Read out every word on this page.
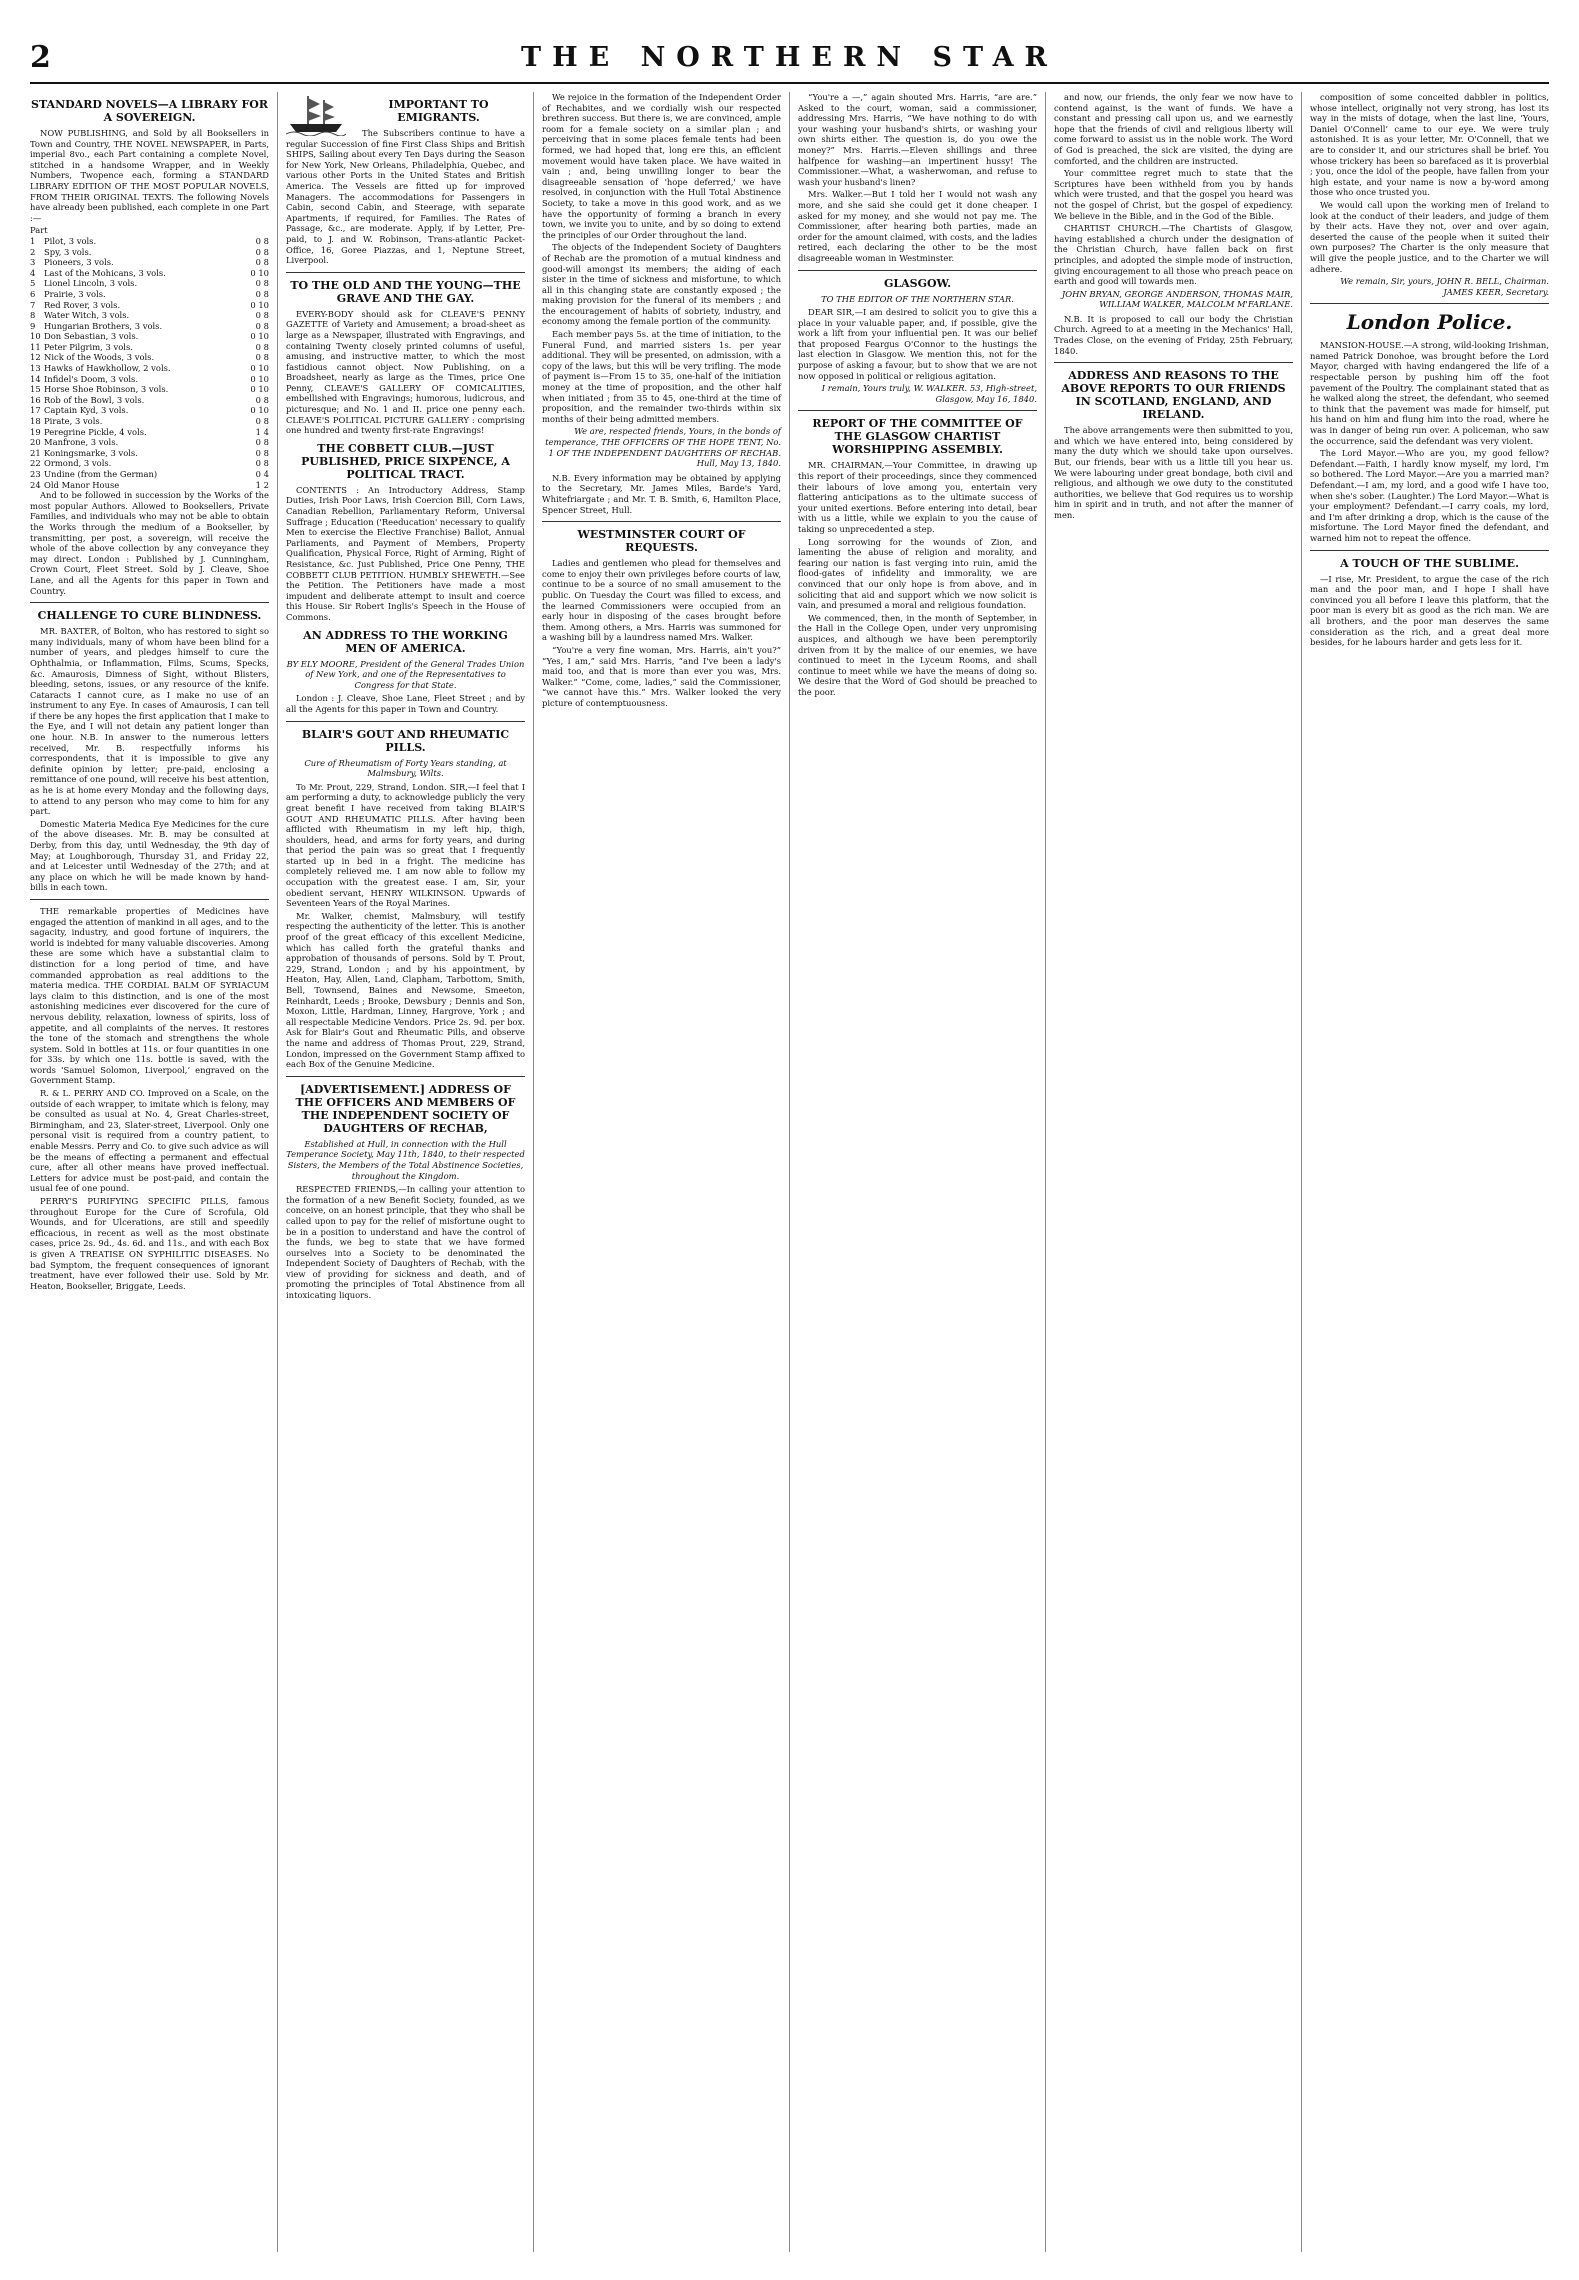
2	THE NORTHERN STAR
STANDARD NOVELS—A LIBRARY FOR A SOVEREIGN.

NOW PUBLISHING, and Sold by all Booksellers in Town and Country, THE NOVEL NEWSPAPER, in Parts, imperial 8vo., each Part containing a complete Novel, stitched in a handsome Wrapper, and in Weekly Numbers, Twopence each, forming a STANDARD LIBRARY EDITION OF THE MOST POPULAR NOVELS, FROM THEIR ORIGINAL TEXTS. The following Novels have already been published, each complete in one Part :—

Part
1	Pilot, 3 vols.	0 8
2	Spy, 3 vols.	0 8
3	Pioneers, 3 vols.	0 8
4	Last of the Mohicans, 3 vols.	0 10
5	Lionel Lincoln, 3 vols.	0 8
6	Prairie, 3 vols.	0 8
7	Red Rover, 3 vols.	0 10
8	Water Witch, 3 vols.	0 8
9	Hungarian Brothers, 3 vols.	0 8
10	Don Sebastian, 3 vols.	0 10
11	Peter Pilgrim, 3 vols.	0 8
12	Nick of the Woods, 3 vols.	0 8
13	Hawks of Hawkhollow, 2 vols.	0 10
14	Infidel's Doom, 3 vols.	0 10
15	Horse Shoe Robinson, 3 vols.	0 10
16	Rob of the Bowl, 3 vols.	0 8
17	Captain Kyd, 3 vols.	0 10
18	Pirate, 3 vols.	0 8
19	Peregrine Pickle, 4 vols.	1 4
20	Manfrone, 3 vols.	0 8
21	Koningsmarke, 3 vols.	0 8
22	Ormond, 3 vols.	0 8
23	Undine (from the German)	0 4
24	Old Manor House	1 2

And to be followed in succession by the Works of the most popular Authors. Allowed to Booksellers, Private Families, and individuals who may not be able to obtain the Works through the medium of a Bookseller, by transmitting, per post, a sovereign, will receive the whole of the above collection by any conveyance they may direct. London : Published by J. Cunningham, Crown Court, Fleet Street. Sold by J. Cleave, Shoe Lane, and all the Agents for this paper in Town and Country.

CHALLENGE TO CURE BLINDNESS.

MR. BAXTER, of Bolton, who has restored to sight so many individuals, many of whom have been blind for a number of years, and pledges himself to cure the Ophthalmia, or Inflammation, Films, Scums, Specks, &c. Amaurosis, Dimness of Sight, without Blisters, bleeding, setons, issues, or any resource of the knife. Cataracts I cannot cure, as I make no use of an instrument to any Eye. In cases of Amaurosis, I can tell if there be any hopes the first application that I make to the Eye, and I will not detain any patient longer than one hour. N.B. In answer to the numerous letters received, Mr. B. respectfully informs his correspondents, that it is impossible to give any definite opinion by letter; pre-paid, enclosing a remittance of one pound, will receive his best attention, as he is at home every Monday and the following days, to attend to any person who may come to him for any part.

Domestic Materia Medica Eye Medicines for the cure of the above diseases. Mr. B. may be consulted at Derby, from this day, until Wednesday, the 9th day of May; at Loughborough, Thursday 31, and Friday 22, and at Leicester until Wednesday of the 27th; and at any place on which he will be made known by hand-bills in each town.

THE remarkable properties of Medicines have engaged the attention of mankind in all ages, and to the sagacity, industry, and good fortune of inquirers, the world is indebted for many valuable discoveries. Among these are some which have a substantial claim to distinction for a long period of time, and have commanded approbation as real additions to the materia medica. THE CORDIAL BALM OF SYRIACUM lays claim to this distinction, and is one of the most astonishing medicines ever discovered for the cure of nervous debility, relaxation, lowness of spirits, loss of appetite, and all complaints of the nerves. It restores the tone of the stomach and strengthens the whole system. Sold in bottles at 11s. or four quantities in one for 33s. by which one 11s. bottle is saved, with the words ‘Samuel Solomon, Liverpool,’ engraved on the Government Stamp.

R. & L. PERRY AND CO. Improved on a Scale, on the outside of each wrapper, to imitate which is felony, may be consulted as usual at No. 4, Great Charles-street, Birmingham, and 23, Slater-street, Liverpool. Only one personal visit is required from a country patient, to enable Messrs. Perry and Co. to give such advice as will be the means of effecting a permanent and effectual cure, after all other means have proved ineffectual. Letters for advice must be post-paid, and contain the usual fee of one pound.

PERRY'S PURIFYING SPECIFIC PILLS, famous throughout Europe for the Cure of Scrofula, Old Wounds, and for Ulcerations, are still and speedily efficacious, in recent as well as the most obstinate cases, price 2s. 9d., 4s. 6d. and 11s., and with each Box is given A TREATISE ON SYPHILITIC DISEASES. No bad Symptom, the frequent consequences of ignorant treatment, have ever followed their use. Sold by Mr. Heaton, Bookseller, Briggate, Leeds.

IMPORTANT TO EMIGRANTS.

The Subscribers continue to have a regular Succession of fine First Class Ships and British SHIPS, Sailing about every Ten Days during the Season for New York, New Orleans, Philadelphia, Quebec, and various other Ports in the United States and British America. The Vessels are fitted up for improved Managers. The accommodations for Passengers in Cabin, second Cabin, and Steerage, with separate Apartments, if required, for Families. The Rates of Passage, &c., are moderate. Apply, if by Letter, Pre-paid, to J. and W. Robinson, Trans-atlantic Packet-Office, 16, Goree Piazzas, and 1, Neptune Street, Liverpool.

TO THE OLD AND THE YOUNG—THE GRAVE AND THE GAY.

EVERY-BODY should ask for CLEAVE'S PENNY GAZETTE of Variety and Amusement; a broad-sheet as large as a Newspaper, illustrated with Engravings, and containing Twenty closely printed columns of useful, amusing, and instructive matter, to which the most fastidious cannot object. Now Publishing, on a Broadsheet, nearly as large as the Times, price One Penny, CLEAVE'S GALLERY OF COMICALITIES, embellished with Engravings; humorous, ludicrous, and picturesque; and No. 1 and II. price one penny each. CLEAVE'S POLITICAL PICTURE GALLERY : comprising one hundred and twenty first-rate Engravings!

THE COBBETT CLUB.—JUST PUBLISHED, PRICE SIXPENCE, A POLITICAL TRACT.

CONTENTS : An Introductory Address, Stamp Duties, Irish Poor Laws, Irish Coercion Bill, Corn Laws, Canadian Rebellion, Parliamentary Reform, Universal Suffrage ; Education ('Reeducation' necessary to qualify Men to exercise the Elective Franchise) Ballot, Annual Parliaments, and Payment of Members, Property Qualification, Physical Force, Right of Arming, Right of Resistance, &c. Just Published, Price One Penny, THE COBBETT CLUB PETITION. HUMBLY SHEWETH.—See the Petition. The Petitioners have made a most impudent and deliberate attempt to insult and coerce this House. Sir Robert Inglis's Speech in the House of Commons.

AN ADDRESS TO THE WORKING MEN OF AMERICA.
BY ELY MOORE, President of the General Trades Union of New York, and one of the Representatives to Congress for that State.

London : J. Cleave, Shoe Lane, Fleet Street ; and by all the Agents for this paper in Town and Country.

BLAIR'S GOUT AND RHEUMATIC PILLS.
Cure of Rheumatism of Forty Years standing, at Malmsbury, Wilts.

To Mr. Prout, 229, Strand, London. SIR,—I feel that I am performing a duty, to acknowledge publicly the very great benefit I have received from taking BLAIR'S GOUT AND RHEUMATIC PILLS. After having been afflicted with Rheumatism in my left hip, thigh, shoulders, head, and arms for forty years, and during that period the pain was so great that I frequently started up in bed in a fright. The medicine has completely relieved me. I am now able to follow my occupation with the greatest ease. I am, Sir, your obedient servant, HENRY WILKINSON. Upwards of Seventeen Years of the Royal Marines.

Mr. Walker, chemist, Malmsbury, will testify respecting the authenticity of the letter. This is another proof of the great efficacy of this excellent Medicine, which has called forth the grateful thanks and approbation of thousands of persons. Sold by T. Prout, 229, Strand, London ; and by his appointment, by Heaton, Hay, Allen, Land, Clapham, Tarbottom, Smith, Bell, Townsend, Baines and Newsome, Smeeton, Reinhardt, Leeds ; Brooke, Dewsbury ; Dennis and Son, Moxon, Little, Hardman, Linney, Hargrove, York ; and all respectable Medicine Vendors. Price 2s. 9d. per box. Ask for Blair's Gout and Rheumatic Pills, and observe the name and address of Thomas Prout, 229, Strand, London, impressed on the Government Stamp affixed to each Box of the Genuine Medicine.

[ADVERTISEMENT.] ADDRESS OF THE OFFICERS AND MEMBERS OF THE INDEPENDENT SOCIETY OF DAUGHTERS OF RECHAB,
Established at Hull, in connection with the Hull Temperance Society, May 11th, 1840, to their respected Sisters, the Members of the Total Abstinence Societies, throughout the Kingdom.

RESPECTED FRIENDS,—In calling your attention to the formation of a new Benefit Society, founded, as we conceive, on an honest principle, that they who shall be called upon to pay for the relief of misfortune ought to be in a position to understand and have the control of the funds, we beg to state that we have formed ourselves into a Society to be denominated the Independent Society of Daughters of Rechab, with the view of providing for sickness and death, and of promoting the principles of Total Abstinence from all intoxicating liquors.

We rejoice in the formation of the Independent Order of Rechabites, and we cordially wish our respected brethren success. But there is, we are convinced, ample room for a female society on a similar plan ; and perceiving that in some places female tents had been formed, we had hoped that, long ere this, an efficient movement would have taken place. We have waited in vain ; and, being unwilling longer to bear the disagreeable sensation of 'hope deferred,' we have resolved, in conjunction with the Hull Total Abstinence Society, to take a move in this good work, and as we have the opportunity of forming a branch in every town, we invite you to unite, and by so doing to extend the principles of our Order throughout the land.

The objects of the Independent Society of Daughters of Rechab are the promotion of a mutual kindness and good-will amongst its members; the aiding of each sister in the time of sickness and misfortune, to which all in this changing state are constantly exposed ; the making provision for the funeral of its members ; and the encouragement of habits of sobriety, industry, and economy among the female portion of the community.

Each member pays 5s. at the time of initiation, to the Funeral Fund, and married sisters 1s. per year additional. They will be presented, on admission, with a copy of the laws, but this will be very trifling. The mode of payment is—From 15 to 35, one-half of the initiation money at the time of proposition, and the other half when initiated ; from 35 to 45, one-third at the time of proposition, and the remainder two-thirds within six months of their being admitted members.

We are, respected friends, Yours, in the bonds of temperance, THE OFFICERS OF THE HOPE TENT, No. 1 OF THE INDEPENDENT DAUGHTERS OF RECHAB. Hull, May 13, 1840.

N.B. Every information may be obtained by applying to the Secretary, Mr. James Miles, Barde's Yard, Whitefriargate ; and Mr. T. B. Smith, 6, Hamilton Place, Spencer Street, Hull.

WESTMINSTER COURT OF REQUESTS.

Ladies and gentlemen who plead for themselves and come to enjoy their own privileges before courts of law, continue to be a source of no small amusement to the public. On Tuesday the Court was filled to excess, and the learned Commissioners were occupied from an early hour in disposing of the cases brought before them. Among others, a Mrs. Harris was summoned for a washing bill by a laundress named Mrs. Walker.

“You're a very fine woman, Mrs. Harris, ain't you?” “Yes, I am,” said Mrs. Harris, “and I've been a lady's maid too, and that is more than ever you was, Mrs. Walker.” “Come, come, ladies,” said the Commissioner, “we cannot have this.” Mrs. Walker looked the very picture of contemptuousness.

“You're a —,” again shouted Mrs. Harris, “are are.” Asked to the court, woman, said a commissioner, addressing Mrs. Harris, “We have nothing to do with your washing your husband's shirts, or washing your own shirts either. The question is, do you owe the money?” Mrs. Harris.—Eleven shillings and three halfpence for washing—an impertinent hussy! The Commissioner.—What, a washerwoman, and refuse to wash your husband's linen?

Mrs. Walker.—But I told her I would not wash any more, and she said she could get it done cheaper. I asked for my money, and she would not pay me. The Commissioner, after hearing both parties, made an order for the amount claimed, with costs, and the ladies retired, each declaring the other to be the most disagreeable woman in Westminster.

GLASGOW.
TO THE EDITOR OF THE NORTHERN STAR.

DEAR SIR,—I am desired to solicit you to give this a place in your valuable paper, and, if possible, give the work a lift from your influential pen. It was our belief that proposed Feargus O'Connor to the hustings the last election in Glasgow. We mention this, not for the purpose of asking a favour, but to show that we are not now opposed in political or religious agitation.

I remain, Yours truly, W. WALKER. 53, High-street, Glasgow, May 16, 1840.
REPORT OF THE COMMITTEE OF THE GLASGOW CHARTIST WORSHIPPING ASSEMBLY.

MR. CHAIRMAN,—Your Committee, in drawing up this report of their proceedings, since they commenced their labours of love among you, entertain very flattering anticipations as to the ultimate success of your united exertions. Before entering into detail, bear with us a little, while we explain to you the cause of taking so unprecedented a step.

Long sorrowing for the wounds of Zion, and lamenting the abuse of religion and morality, and fearing our nation is fast verging into ruin, amid the flood-gates of infidelity and immorality, we are convinced that our only hope is from above, and in soliciting that aid and support which we now solicit is vain, and presumed a moral and religious foundation.

We commenced, then, in the month of September, in the Hall in the College Open, under very unpromising auspices, and although we have been peremptorily driven from it by the malice of our enemies, we have continued to meet in the Lyceum Rooms, and shall continue to meet while we have the means of doing so. We desire that the Word of God should be preached to the poor.

and now, our friends, the only fear we now have to contend against, is the want of funds. We have a constant and pressing call upon us, and we earnestly hope that the friends of civil and religious liberty will come forward to assist us in the noble work. The Word of God is preached, the sick are visited, the dying are comforted, and the children are instructed.

Your committee regret much to state that the Scriptures have been withheld from you by hands which were trusted, and that the gospel you heard was not the gospel of Christ, but the gospel of expediency. We believe in the Bible, and in the God of the Bible.

CHARTIST CHURCH.—The Chartists of Glasgow, having established a church under the designation of the Christian Church, have fallen back on first principles, and adopted the simple mode of instruction, giving encouragement to all those who preach peace on earth and good will towards men.

JOHN BRYAN, GEORGE ANDERSON, THOMAS MAIR, WILLIAM WALKER, MALCOLM M'FARLANE.

N.B. It is proposed to call our body the Christian Church. Agreed to at a meeting in the Mechanics' Hall, Trades Close, on the evening of Friday, 25th February, 1840.

ADDRESS AND REASONS TO THE ABOVE REPORTS TO OUR FRIENDS IN SCOTLAND, ENGLAND, AND IRELAND.

The above arrangements were then submitted to you, and which we have entered into, being considered by many the duty which we should take upon ourselves. But, our friends, bear with us a little till you hear us. We were labouring under great bondage, both civil and religious, and although we owe duty to the constituted authorities, we believe that God requires us to worship him in spirit and in truth, and not after the manner of men.

composition of some conceited dabbler in politics, whose intellect, originally not very strong, has lost its way in the mists of dotage, when the last line, ‘Yours, Daniel O'Connell’ came to our eye. We were truly astonished. It is as your letter, Mr. O'Connell, that we are to consider it, and our strictures shall be brief. You whose trickery has been so barefaced as it is proverbial ; you, once the idol of the people, have fallen from your high estate, and your name is now a by-word among those who once trusted you.

We would call upon the working men of Ireland to look at the conduct of their leaders, and judge of them by their acts. Have they not, over and over again, deserted the cause of the people when it suited their own purposes? The Charter is the only measure that will give the people justice, and to the Charter we will adhere.

We remain, Sir, yours, JOHN R. BELL, Chairman. JAMES KEER, Secretary.
London Police.

MANSION-HOUSE.—A strong, wild-looking Irishman, named Patrick Donohoe, was brought before the Lord Mayor, charged with having endangered the life of a respectable person by pushing him off the foot pavement of the Poultry. The complainant stated that as he walked along the street, the defendant, who seemed to think that the pavement was made for himself, put his hand on him and flung him into the road, where he was in danger of being run over. A policeman, who saw the occurrence, said the defendant was very violent.

The Lord Mayor.—Who are you, my good fellow? Defendant.—Faith, I hardly know myself, my lord, I'm so bothered. The Lord Mayor.—Are you a married man? Defendant.—I am, my lord, and a good wife I have too, when she's sober. (Laughter.) The Lord Mayor.—What is your employment? Defendant.—I carry coals, my lord, and I'm after drinking a drop, which is the cause of the misfortune. The Lord Mayor fined the defendant, and warned him not to repeat the offence.

A TOUCH OF THE SUBLIME.

—I rise, Mr. President, to argue the case of the rich man and the poor man, and I hope I shall have convinced you all before I leave this platform, that the poor man is every bit as good as the rich man. We are all brothers, and the poor man deserves the same consideration as the rich, and a great deal more besides, for he labours harder and gets less for it.
